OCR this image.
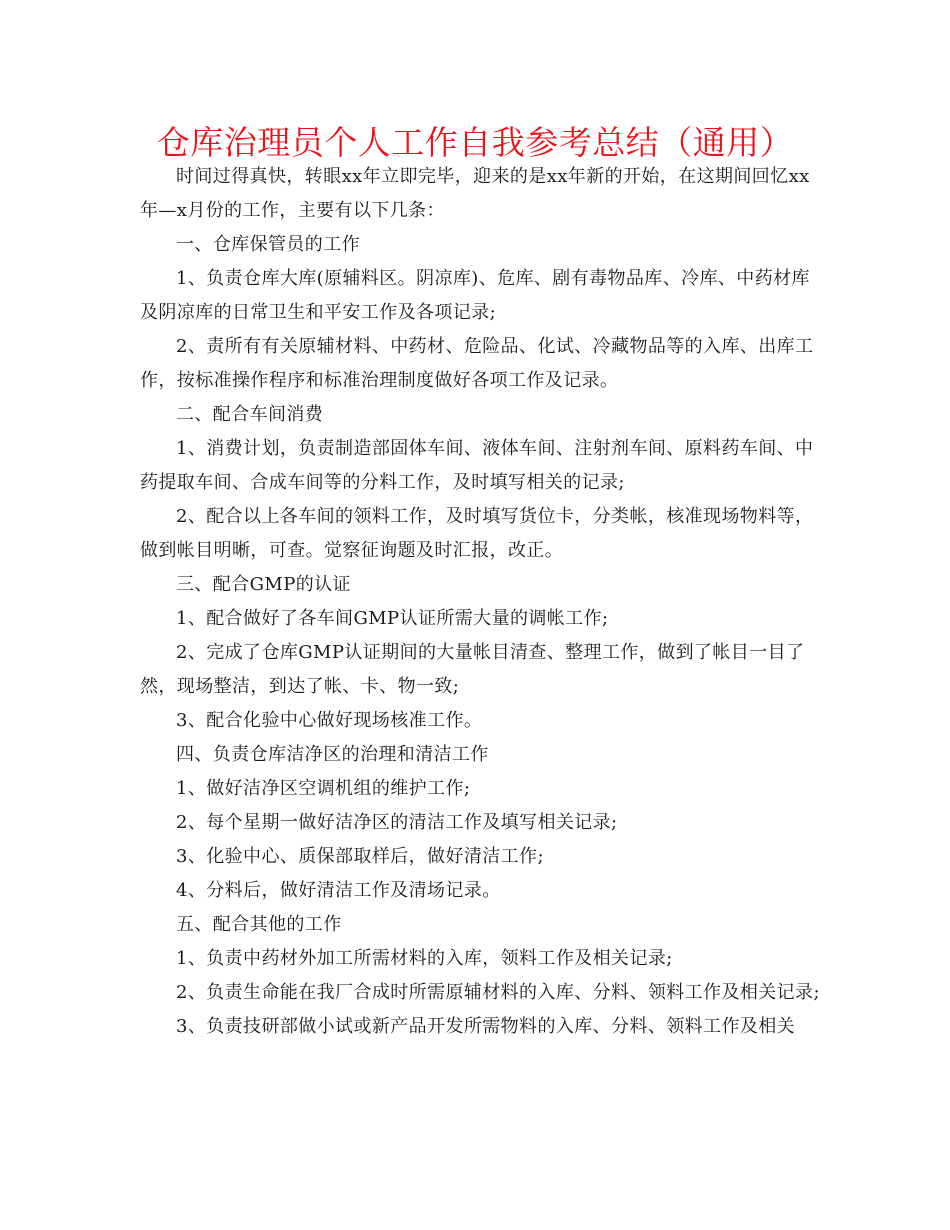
仓库治理员个人工作自我参考总结（通用）

时间过得真快，转眼xx年立即完毕，迎来的是xx年新的开始，在这期间回忆xx年—x月份的工作，主要有以下几条：

一、仓库保管员的工作

1、负责仓库大库(原辅料区。阴凉库)、危库、剧有毒物品库、冷库、中药材库及阴凉库的日常卫生和平安工作及各项记录;

2、责所有有关原辅材料、中药材、危险品、化试、冷藏物品等的入库、出库工作，按标准操作程序和标准治理制度做好各项工作及记录。

二、配合车间消费

1、消费计划，负责制造部固体车间、液体车间、注射剂车间、原料药车间、中药提取车间、合成车间等的分料工作，及时填写相关的记录;

2、配合以上各车间的领料工作，及时填写货位卡，分类帐，核准现场物料等，做到帐目明晰，可查。觉察征询题及时汇报，改正。

三、配合GMP的认证

1、配合做好了各车间GMP认证所需大量的调帐工作;

2、完成了仓库GMP认证期间的大量帐目清查、整理工作，做到了帐目一目了然，现场整洁，到达了帐、卡、物一致;

3、配合化验中心做好现场核准工作。

四、负责仓库洁净区的治理和清洁工作

1、做好洁净区空调机组的维护工作;

2、每个星期一做好洁净区的清洁工作及填写相关记录;

3、化验中心、质保部取样后，做好清洁工作;

4、分料后，做好清洁工作及清场记录。

五、配合其他的工作

1、负责中药材外加工所需材料的入库，领料工作及相关记录;

2、负责生命能在我厂合成时所需原辅材料的入库、分料、领料工作及相关记录;

3、负责技研部做小试或新产品开发所需物料的入库、分料、领料工作及相关
